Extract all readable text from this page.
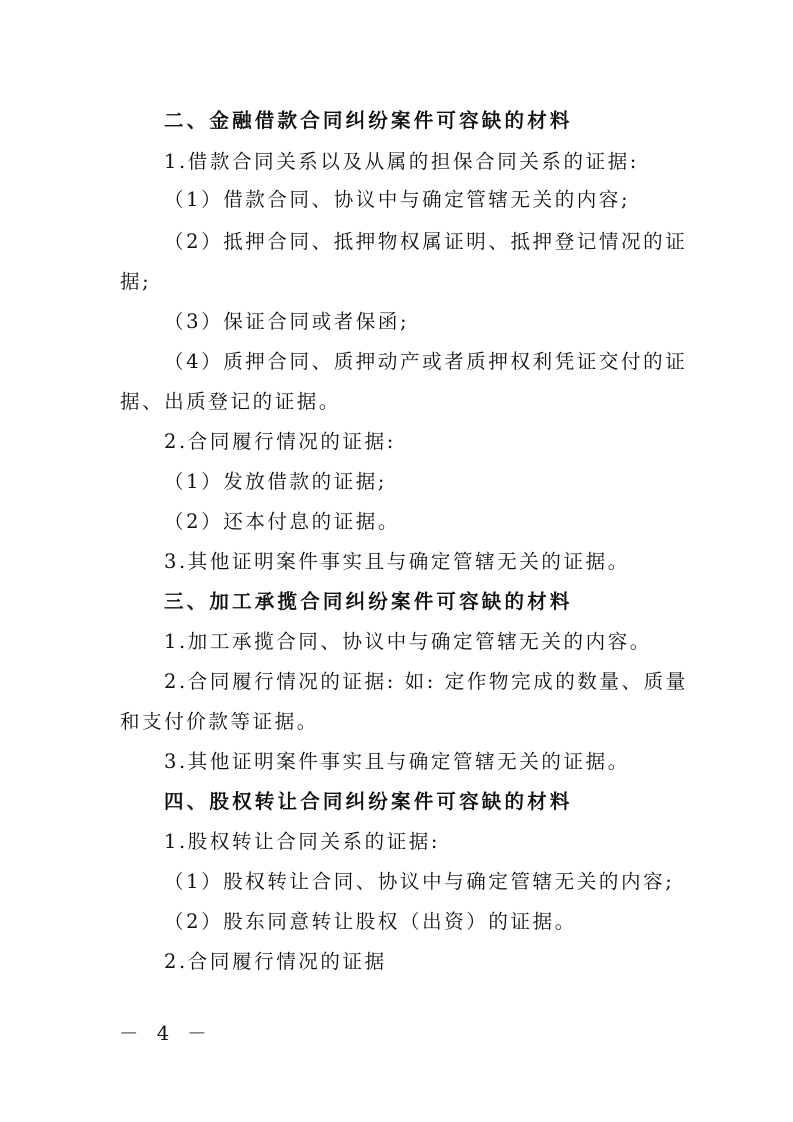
二、金融借款合同纠纷案件可容缺的材料
1.借款合同关系以及从属的担保合同关系的证据:
（1）借款合同、协议中与确定管辖无关的内容;
（2）抵押合同、抵押物权属证明、抵押登记情况的证
据;
（3）保证合同或者保函;
（4）质押合同、质押动产或者质押权利凭证交付的证
据、出质登记的证据。
2.合同履行情况的证据:
（1）发放借款的证据;
（2）还本付息的证据。
3.其他证明案件事实且与确定管辖无关的证据。
三、加工承揽合同纠纷案件可容缺的材料
1.加工承揽合同、协议中与确定管辖无关的内容。
2.合同履行情况的证据: 如: 定作物完成的数量、质量
和支付价款等证据。
3.其他证明案件事实且与确定管辖无关的证据。
四、股权转让合同纠纷案件可容缺的材料
1.股权转让合同关系的证据:
（1）股权转让合同、协议中与确定管辖无关的内容;
（2）股东同意转让股权（出资）的证据。
2.合同履行情况的证据
－ 4 －
